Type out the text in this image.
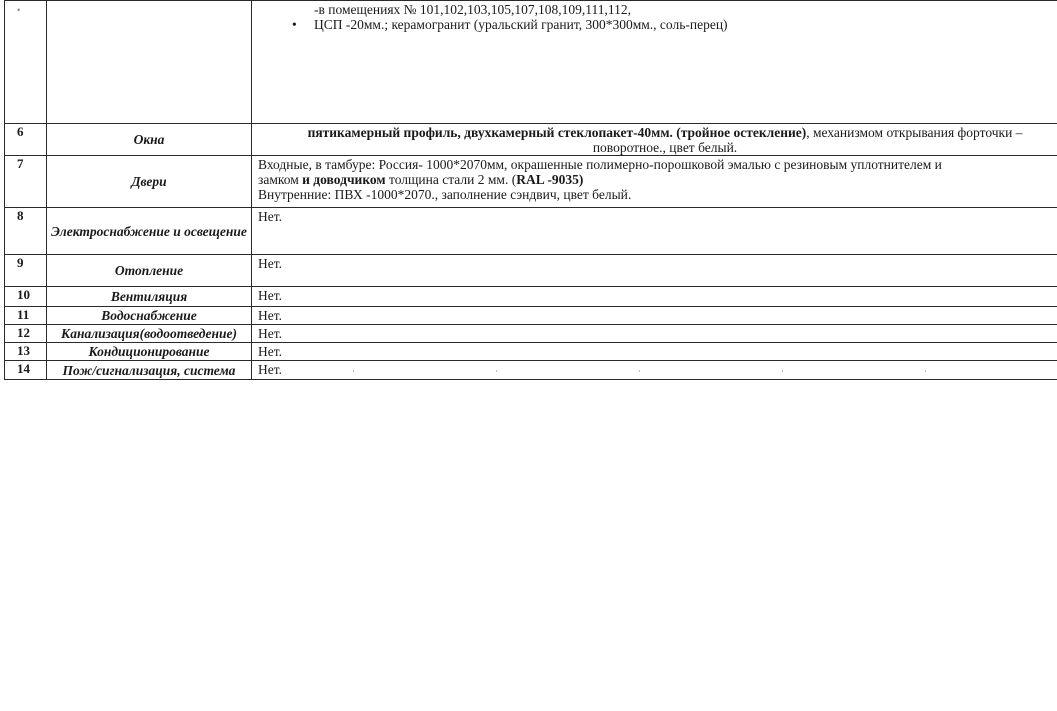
•		-в помещениях № 101,102,103,105,107,108,109,111,112,
• ЦСП -20мм.; керамогранит (уральский гранит, 300*300мм., соль-перец)

6	Окна	пятикамерный профиль, двухкамерный стеклопакет-40мм. (тройное остекление), механизмом открывания форточки –
поворотное., цвет белый.

7	Двери	Входные, в тамбуре: Россия- 1000*2070мм, окрашенные полимерно-порошковой эмалью с резиновым уплотнителем и
замком и доводчиком толщина стали 2 мм. (RAL -9035)
Внутренние: ПВХ -1000*2070., заполнение сэндвич, цвет белый.

8	Электроснабжение и освещение	Нет.
9	Отопление	Нет.
10	Вентиляция	Нет.
11	Водоснабжение	Нет.
12	Канализация(водоотведение)	Нет.
13	Кондиционирование	Нет.
14	Пож/сигнализация, система	Нет. · · · · ·
